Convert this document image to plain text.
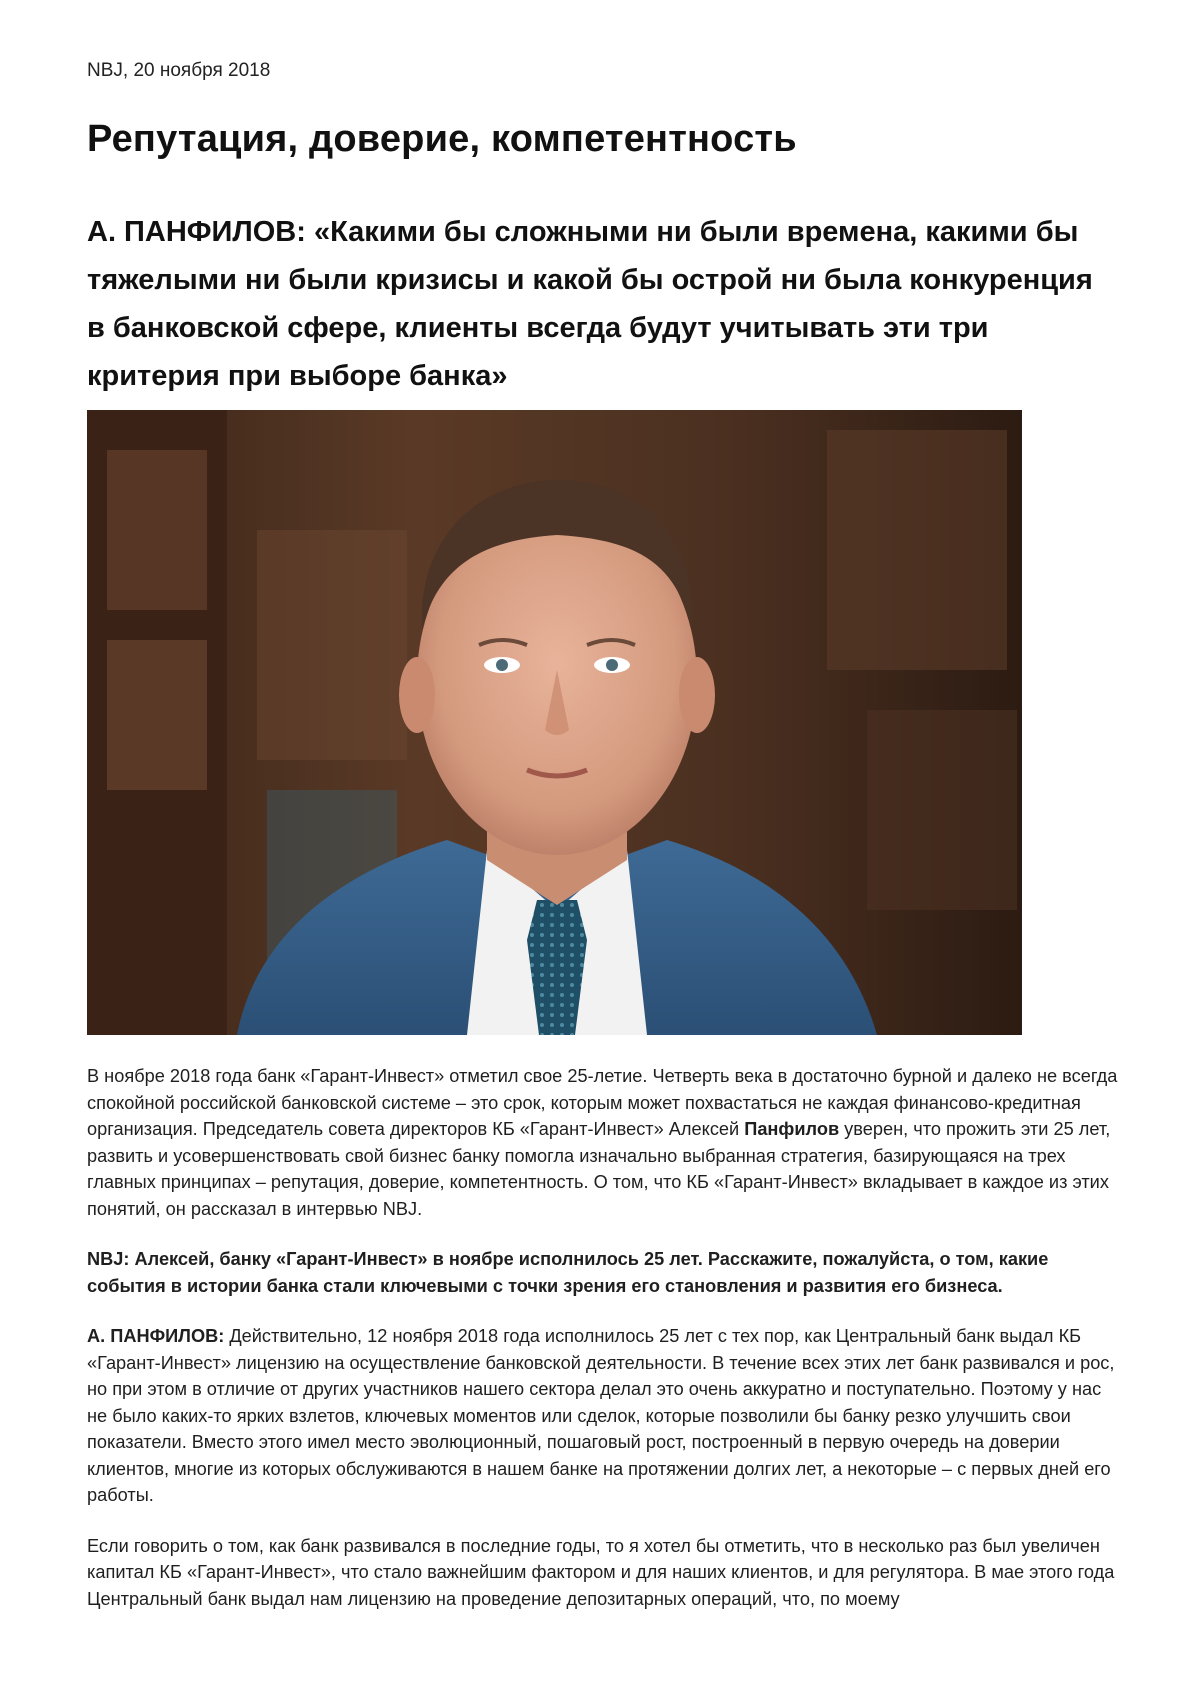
NBJ, 20 ноября 2018
Репутация, доверие, компетентность
А. ПАНФИЛОВ: «Какими бы сложными ни были времена, какими бы тяжелыми ни были кризисы и какой бы острой ни была конкуренция в банковской сфере, клиенты всегда будут учитывать эти три критерия при выборе банка»

В ноябре 2018 года банк «Гарант-Инвест» отметил свое 25-летие. Четверть века в достаточно бурной и далеко не всегда спокойной российской банковской системе – это срок, которым может похвастаться не каждая финансово-кредитная организация. Председатель совета директоров КБ «Гарант-Инвест» Алексей Панфилов уверен, что прожить эти 25 лет, развить и усовершенствовать свой бизнес банку помогла изначально выбранная стратегия, базирующаяся на трех главных принципах – репутация, доверие, компетентность. О том, что КБ «Гарант-Инвест» вкладывает в каждое из этих понятий, он рассказал в интервью NBJ.

NBJ: Алексей, банку «Гарант-Инвест» в ноябре исполнилось 25 лет. Расскажите, пожалуйста, о том, какие события в истории банка стали ключевыми с точки зрения его становления и развития его бизнеса.

А. ПАНФИЛОВ: Действительно, 12 ноября 2018 года исполнилось 25 лет с тех пор, как Центральный банк выдал КБ «Гарант-Инвест» лицензию на осуществление банковской деятельности. В течение всех этих лет банк развивался и рос, но при этом в отличие от других участников нашего сектора делал это очень аккуратно и поступательно. Поэтому у нас не было каких-то ярких взлетов, ключевых моментов или сделок, которые позволили бы банку резко улучшить свои показатели. Вместо этого имел место эволюционный, пошаговый рост, построенный в первую очередь на доверии клиентов, многие из которых обслуживаются в нашем банке на протяжении долгих лет, а некоторые – с первых дней его работы.

Если говорить о том, как банк развивался в последние годы, то я хотел бы отметить, что в несколько раз был увеличен капитал КБ «Гарант-Инвест», что стало важнейшим фактором и для наших клиентов, и для регулятора. В мае этого года Центральный банк выдал нам лицензию на проведение депозитарных операций, что, по моему
